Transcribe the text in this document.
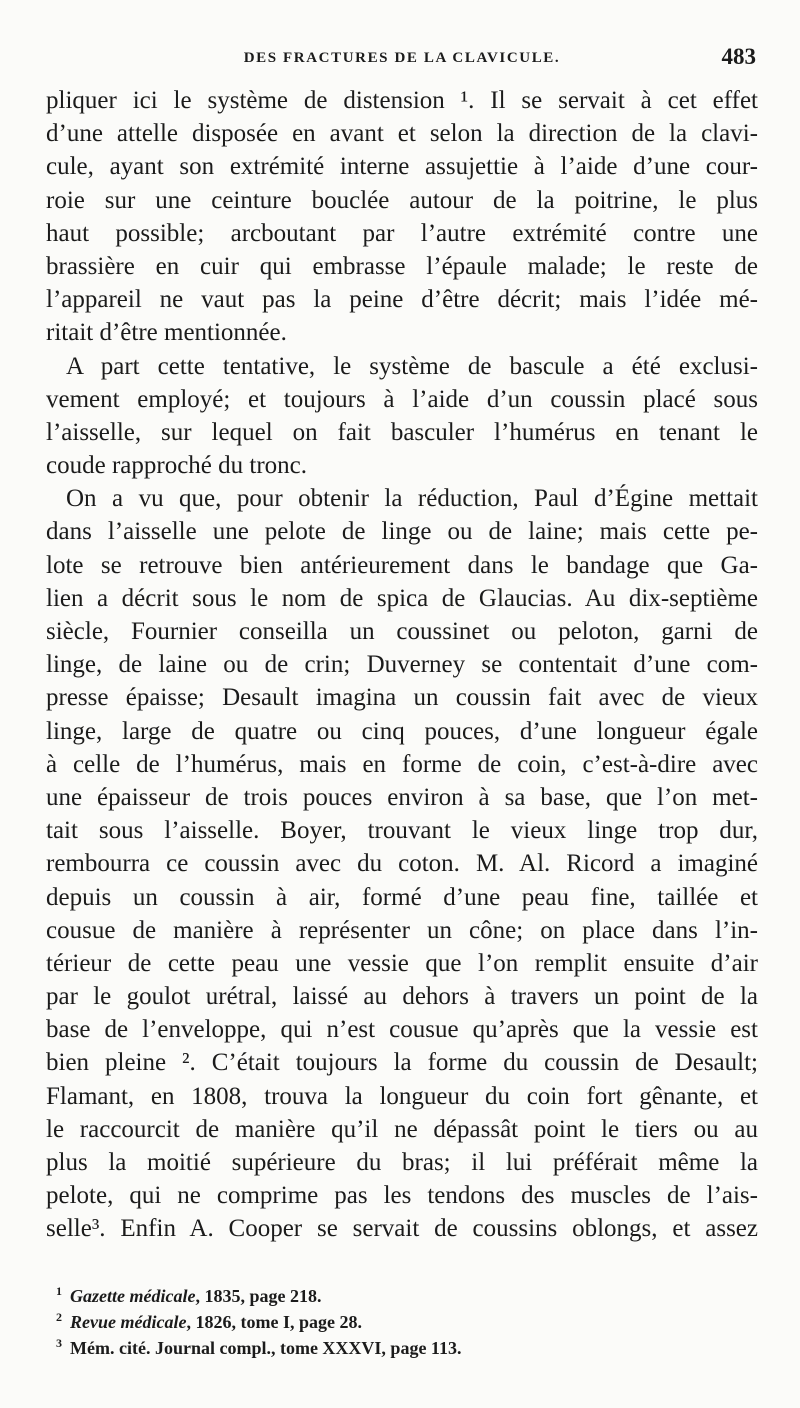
DES FRACTURES DE LA CLAVICULE.	483
pliquer ici le système de distension ¹. Il se servait à cet effet
d’une attelle disposée en avant et selon la direction de la clavi-
cule, ayant son extrémité interne assujettie à l’aide d’une cour-
roie sur une ceinture bouclée autour de la poitrine, le plus
haut possible; arcboutant par l’autre extrémité contre une
brassière en cuir qui embrasse l’épaule malade; le reste de
l’appareil ne vaut pas la peine d’être décrit; mais l’idée mé-
ritait d’être mentionnée.
A part cette tentative, le système de bascule a été exclusi-
vement employé; et toujours à l’aide d’un coussin placé sous
l’aisselle, sur lequel on fait basculer l’humérus en tenant le
coude rapproché du tronc.
On a vu que, pour obtenir la réduction, Paul d’Égine mettait
dans l’aisselle une pelote de linge ou de laine; mais cette pe-
lote se retrouve bien antérieurement dans le bandage que Ga-
lien a décrit sous le nom de spica de Glaucias. Au dix-septième
siècle, Fournier conseilla un coussinet ou peloton, garni de
linge, de laine ou de crin; Duverney se contentait d’une com-
presse épaisse; Desault imagina un coussin fait avec de vieux
linge, large de quatre ou cinq pouces, d’une longueur égale
à celle de l’humérus, mais en forme de coin, c’est-à-dire avec
une épaisseur de trois pouces environ à sa base, que l’on met-
tait sous l’aisselle. Boyer, trouvant le vieux linge trop dur,
rembourra ce coussin avec du coton. M. Al. Ricord a imaginé
depuis un coussin à air, formé d’une peau fine, taillée et
cousue de manière à représenter un cône; on place dans l’in-
térieur de cette peau une vessie que l’on remplit ensuite d’air
par le goulot urétral, laissé au dehors à travers un point de la
base de l’enveloppe, qui n’est cousue qu’après que la vessie est
bien pleine ². C’était toujours la forme du coussin de Desault;
Flamant, en 1808, trouva la longueur du coin fort gênante, et
le raccourcit de manière qu’il ne dépassât point le tiers ou au
plus la moitié supérieure du bras; il lui préférait même la
pelote, qui ne comprime pas les tendons des muscles de l’ais-
selle³. Enfin A. Cooper se servait de coussins oblongs, et assez
$^1$ Gazette médicale, 1835, page 218.
$^2$ Revue médicale, 1826, tome I, page 28.
$^3$ Mém. cité. Journal compl., tome XXXVI, page 113.
